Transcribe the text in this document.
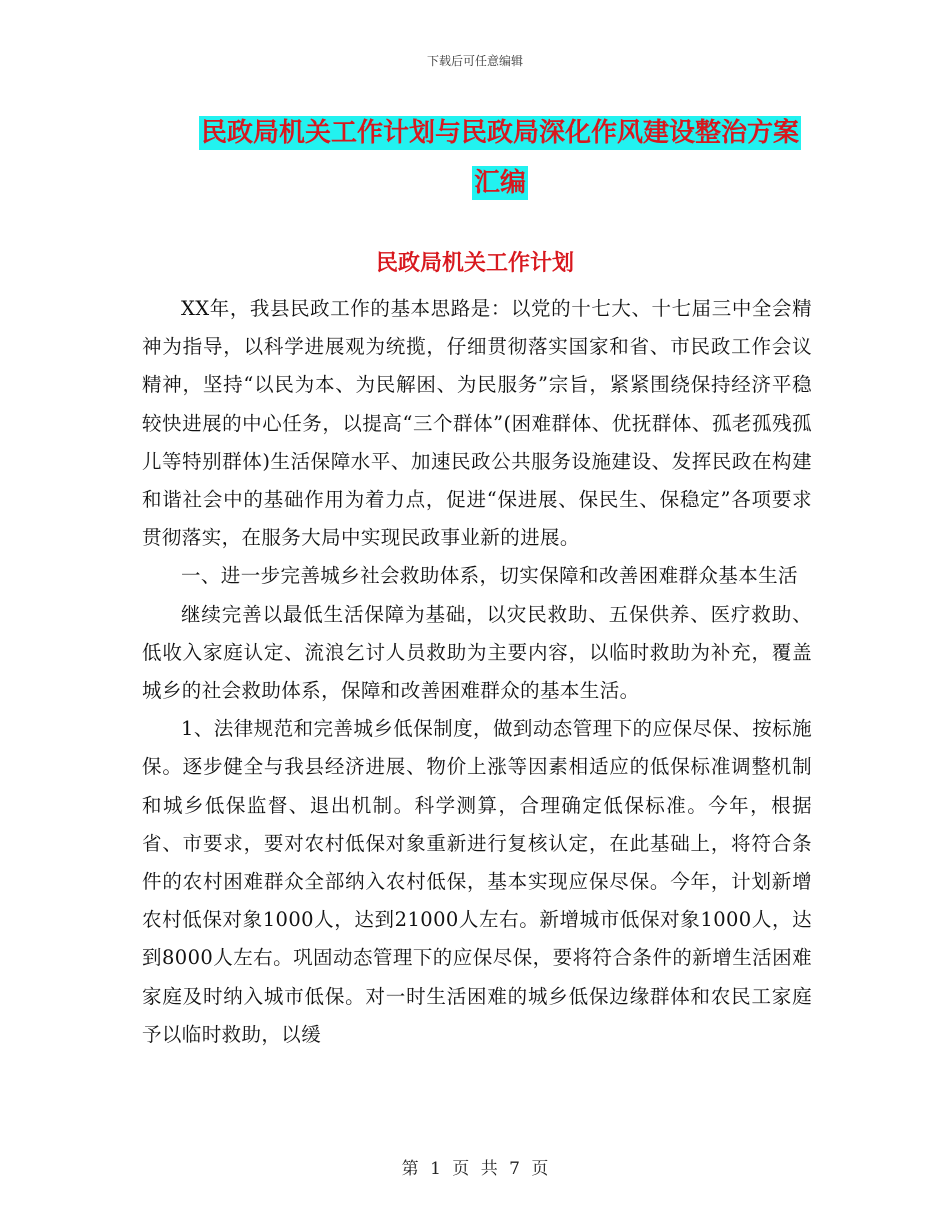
下载后可任意编辑
民政局机关工作计划与民政局深化作风建设整治方案
汇编
民政局机关工作计划

XX年，我县民政工作的基本思路是：以党的十七大、十七届三中全会精神为指导，以科学进展观为统揽，仔细贯彻落实国家和省、市民政工作会议精神，坚持“以民为本、为民解困、为民服务”宗旨，紧紧围绕保持经济平稳较快进展的中心任务，以提高“三个群体”(困难群体、优抚群体、孤老孤残孤儿等特别群体)生活保障水平、加速民政公共服务设施建设、发挥民政在构建和谐社会中的基础作用为着力点，促进“保进展、保民生、保稳定”各项要求贯彻落实，在服务大局中实现民政事业新的进展。

一、进一步完善城乡社会救助体系，切实保障和改善困难群众基本生活

继续完善以最低生活保障为基础，以灾民救助、五保供养、医疗救助、低收入家庭认定、流浪乞讨人员救助为主要内容，以临时救助为补充，覆盖城乡的社会救助体系，保障和改善困难群众的基本生活。

1、法律规范和完善城乡低保制度，做到动态管理下的应保尽保、按标施保。逐步健全与我县经济进展、物价上涨等因素相适应的低保标准调整机制和城乡低保监督、退出机制。科学测算，合理确定低保标准。今年，根据省、市要求，要对农村低保对象重新进行复核认定，在此基础上，将符合条件的农村困难群众全部纳入农村低保，基本实现应保尽保。今年，计划新增农村低保对象1000人，达到21000人左右。新增城市低保对象1000人，达到8000人左右。巩固动态管理下的应保尽保，要将符合条件的新增生活困难家庭及时纳入城市低保。对一时生活困难的城乡低保边缘群体和农民工家庭予以临时救助，以缓

第 1 页 共 7 页
